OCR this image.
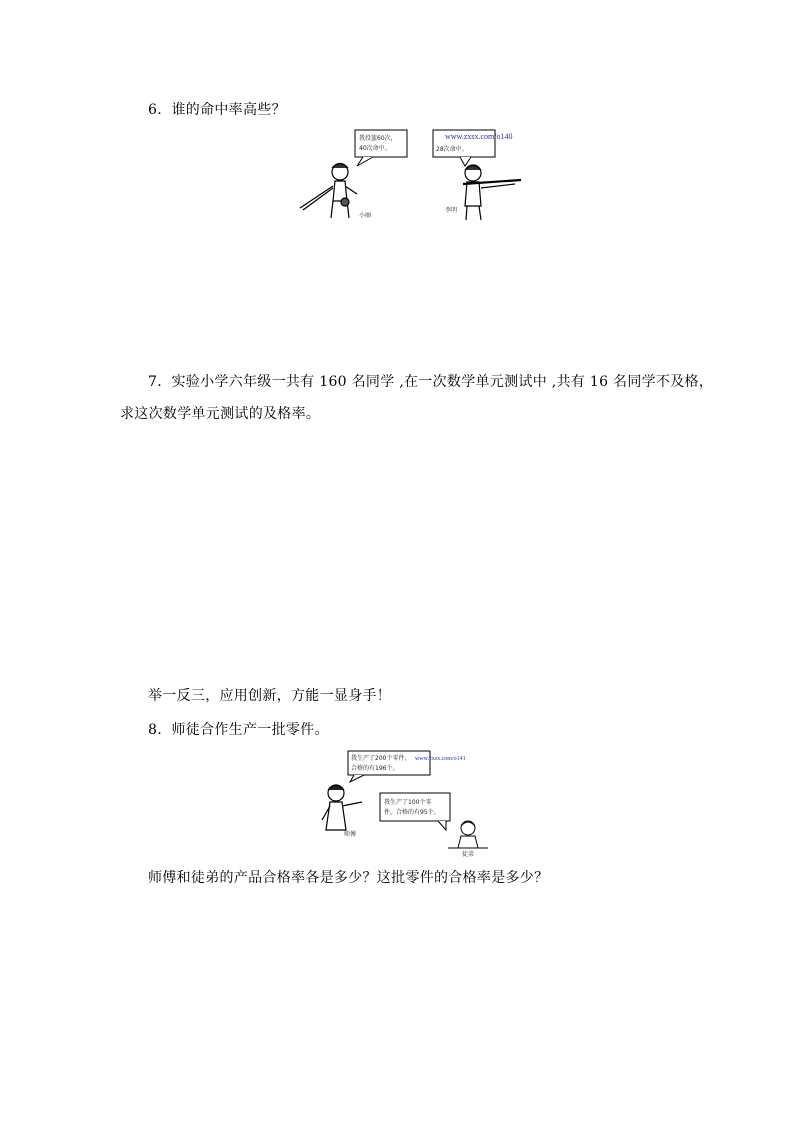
6. 谁的命中率高些？
我投篮60次，
40次命中。
www.zxsx.com/o140
28次命中。
小丽
李明
7. 实验小学六年级一共有 160 名同学 ,在一次数学单元测试中 ,共有 16 名同学不及格，
求这次数学单元测试的及格率。
举一反三，应用创新，方能一显身手！
8. 师徒合作生产一批零件。
我生产了200个零件， www.zxsx.com/o141
合格的有196个。
我生产了100个零
件，合格的有95个。
师傅
徒弟
师傅和徒弟的产品合格率各是多少？这批零件的合格率是多少？
